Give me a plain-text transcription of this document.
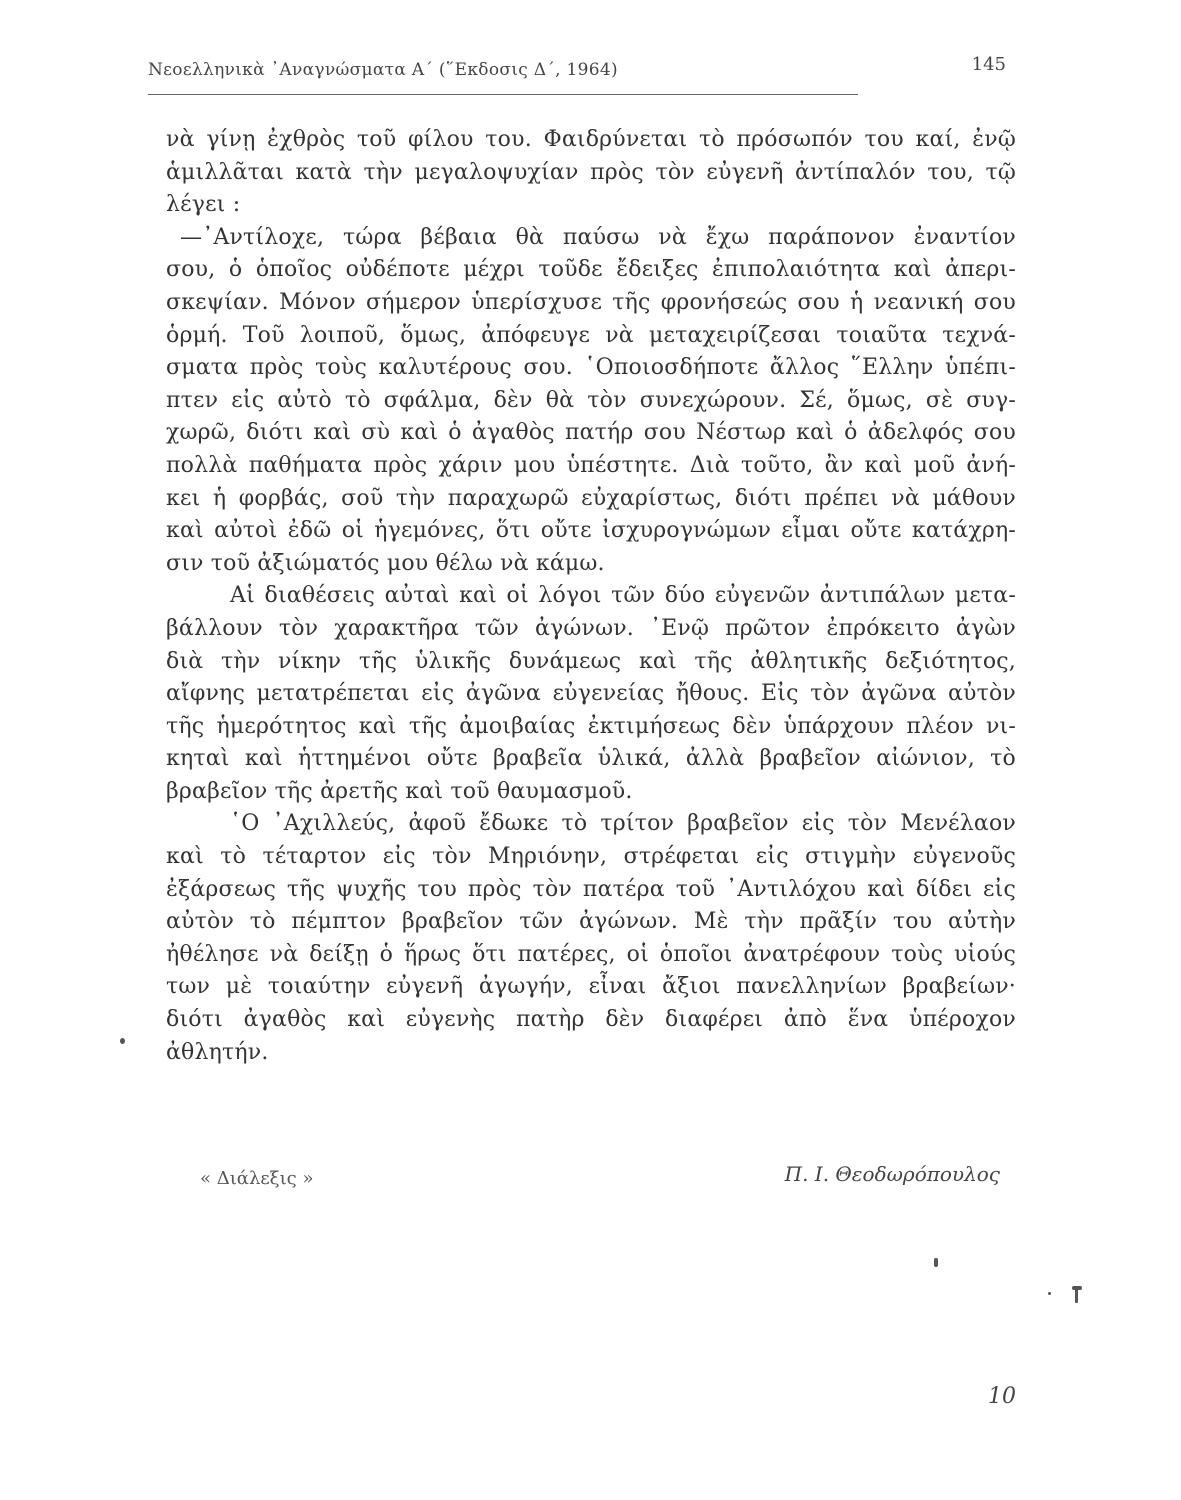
Νεοελληνικὰ ᾿Αναγνώσματα Α΄ (῞Εκδοσις Δ΄, 1964)	145
νὰ γίνῃ ἐχθρὸς τοῦ φίλου του. Φαιδρύνεται τὸ πρόσωπόν του καί, ἐνῷ
ἁμιλλᾶται κατὰ τὴν μεγαλοψυχίαν πρὸς τὸν εὐγενῆ ἀντίπαλόν του, τῷ
λέγει :
—᾿Αντίλοχε, τώρα βέβαια θὰ παύσω νὰ ἔχω παράπονον ἐναντίον
σου, ὁ ὁποῖος οὐδέποτε μέχρι τοῦδε ἔδειξες ἐπιπολαιότητα καὶ ἀπερι-
σκεψίαν. Μόνον σήμερον ὑπερίσχυσε τῆς φρονήσεώς σου ἡ νεανική σου
ὁρμή. Τοῦ λοιποῦ, ὅμως, ἀπόφευγε νὰ μεταχειρίζεσαι τοιαῦτα τεχνά-
σματα πρὸς τοὺς καλυτέρους σου. ῾Οποιοσδήποτε ἄλλος ῞Ελλην ὑπέπι-
πτεν εἰς αὐτὸ τὸ σφάλμα, δὲν θὰ τὸν συνεχώρουν. Σέ, ὅμως, σὲ συγ-
χωρῶ, διότι καὶ σὺ καὶ ὁ ἀγαθὸς πατήρ σου Νέστωρ καὶ ὁ ἀδελφός σου
πολλὰ παθήματα πρὸς χάριν μου ὑπέστητε. Διὰ τοῦτο, ἂν καὶ μοῦ ἀνή-
κει ἡ φορβάς, σοῦ τὴν παραχωρῶ εὐχαρίστως, διότι πρέπει νὰ μάθουν
καὶ αὐτοὶ ἐδῶ οἱ ἡγεμόνες, ὅτι οὔτε ἰσχυρογνώμων εἶμαι οὔτε κατάχρη-
σιν τοῦ ἀξιώματός μου θέλω νὰ κάμω.
Αἱ διαθέσεις αὐταὶ καὶ οἱ λόγοι τῶν δύο εὐγενῶν ἀντιπάλων μετα-
βάλλουν τὸν χαρακτῆρα τῶν ἀγώνων. ᾿Ενῷ πρῶτον ἐπρόκειτο ἀγὼν
διὰ τὴν νίκην τῆς ὑλικῆς δυνάμεως καὶ τῆς ἀθλητικῆς δεξιότητος,
αἴφνης μετατρέπεται εἰς ἀγῶνα εὐγενείας ἤθους. Εἰς τὸν ἀγῶνα αὐτὸν
τῆς ἡμερότητος καὶ τῆς ἀμοιβαίας ἐκτιμήσεως δὲν ὑπάρχουν πλέον νι-
κηταὶ καὶ ἡττημένοι οὔτε βραβεῖα ὑλικά, ἀλλὰ βραβεῖον αἰώνιον, τὸ
βραβεῖον τῆς ἀρετῆς καὶ τοῦ θαυμασμοῦ.
῾Ο ᾿Αχιλλεύς, ἀφοῦ ἔδωκε τὸ τρίτον βραβεῖον εἰς τὸν Μενέλαον
καὶ τὸ τέταρτον εἰς τὸν Μηριόνην, στρέφεται εἰς στιγμὴν εὐγενοῦς
ἐξάρσεως τῆς ψυχῆς του πρὸς τὸν πατέρα τοῦ ᾿Αντιλόχου καὶ δίδει εἰς
αὐτὸν τὸ πέμπτον βραβεῖον τῶν ἀγώνων. Μὲ τὴν πρᾶξίν του αὐτὴν
ἠθέλησε νὰ δείξῃ ὁ ἥρως ὅτι πατέρες, οἱ ὁποῖοι ἀνατρέφουν τοὺς υἱούς
των μὲ τοιαύτην εὐγενῆ ἀγωγήν, εἶναι ἄξιοι πανελληνίων βραβείων·
διότι ἀγαθὸς καὶ εὐγενὴς πατὴρ δὲν διαφέρει ἀπὸ ἕνα ὑπέροχον
ἀθλητήν.
« Διάλεξις »	Π. Ι. Θεοδωρόπουλος
10
